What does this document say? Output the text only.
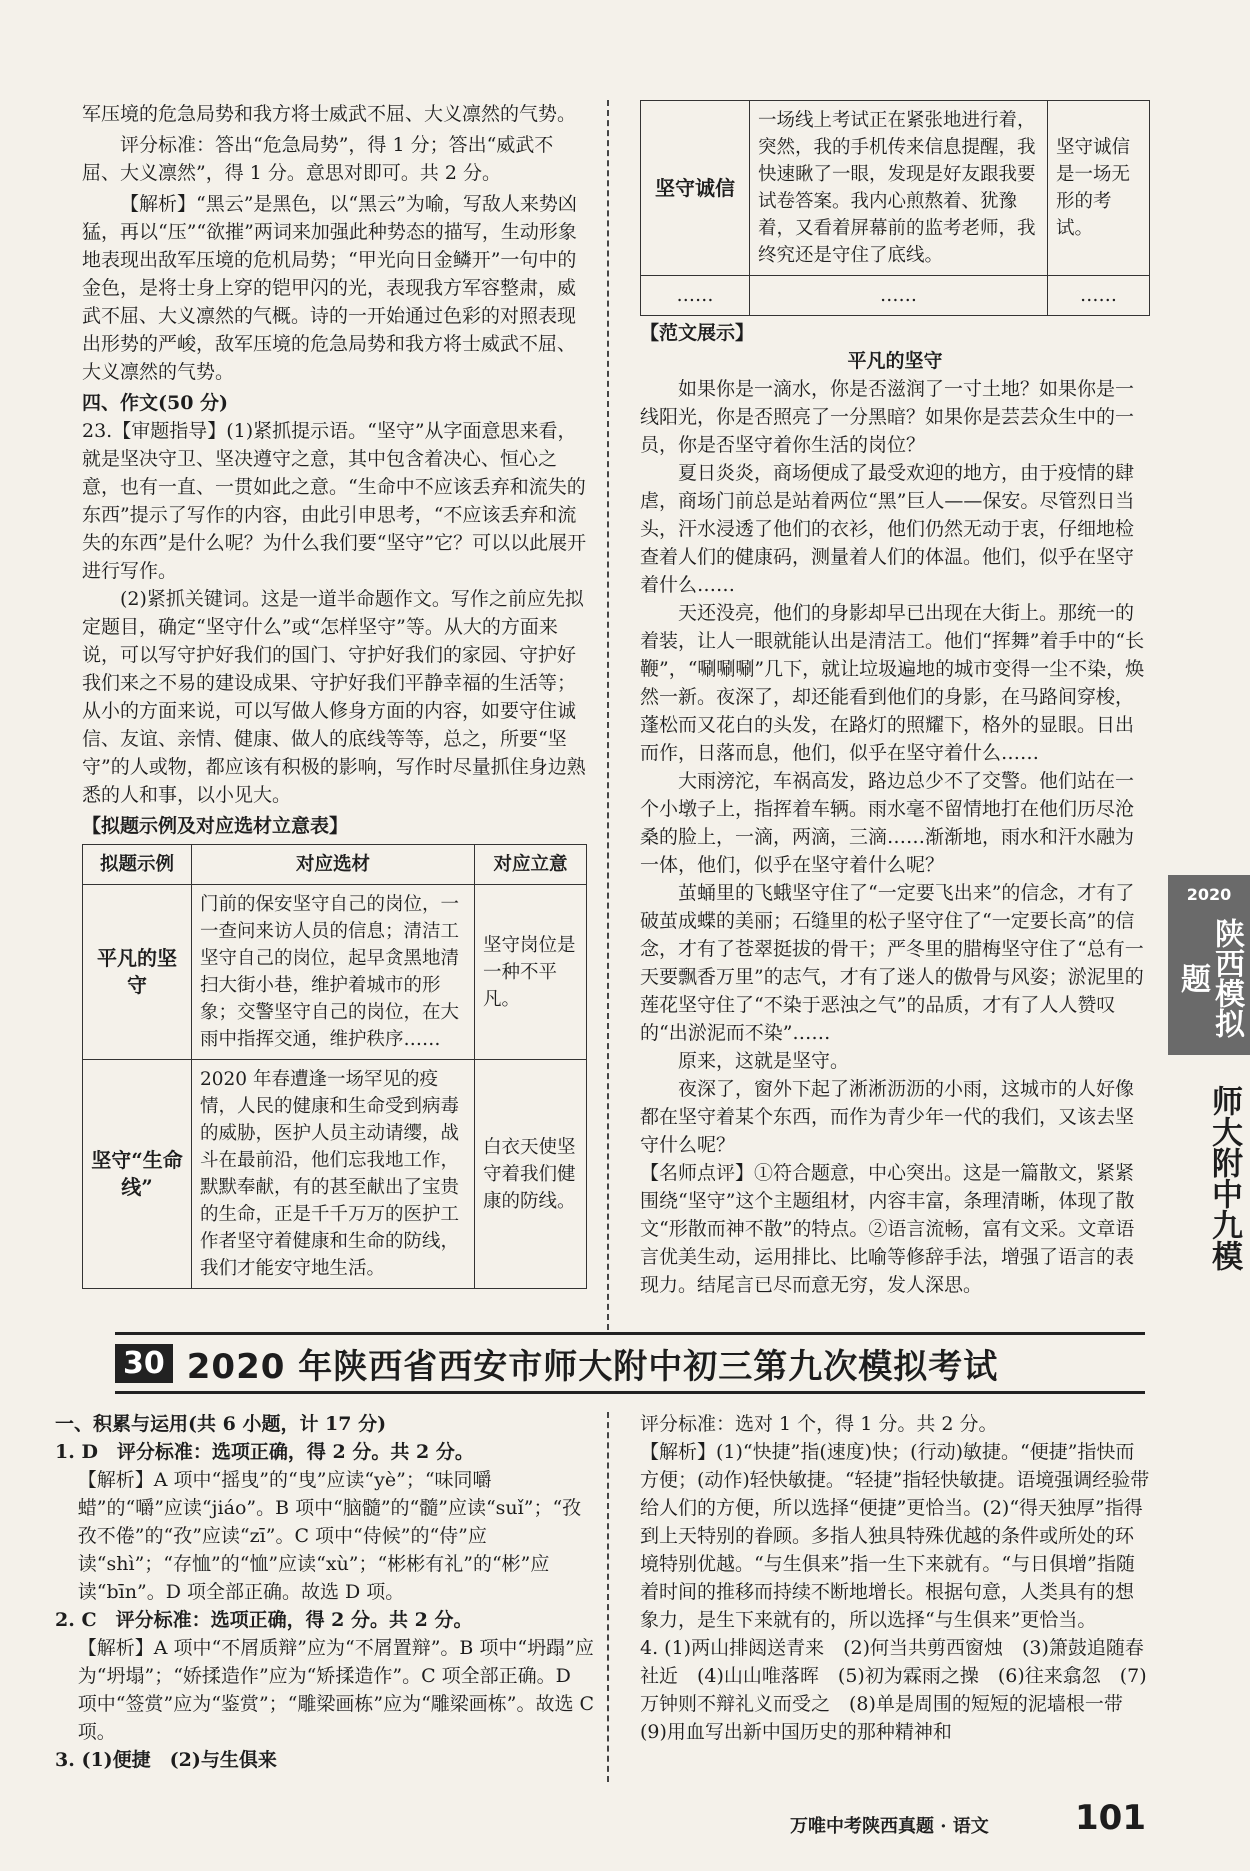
军压境的危急局势和我方将士威武不屈、大义凛然的气势。

评分标准：答出“危急局势”，得 1 分；答出“威武不屈、大义凛然”，得 1 分。意思对即可。共 2 分。

【解析】“黑云”是黑色，以“黑云”为喻，写敌人来势凶猛，再以“压”“欲摧”两词来加强此种势态的描写，生动形象地表现出敌军压境的危机局势；“甲光向日金鳞开”一句中的金色，是将士身上穿的铠甲闪的光，表现我方军容整肃，威武不屈、大义凛然的气概。诗的一开始通过色彩的对照表现出形势的严峻，敌军压境的危急局势和我方将士威武不屈、大义凛然的气势。

四、作文(50 分)

23.【审题指导】(1)紧抓提示语。“坚守”从字面意思来看，就是坚决守卫、坚决遵守之意，其中包含着决心、恒心之意，也有一直、一贯如此之意。“生命中不应该丢弃和流失的东西”提示了写作的内容，由此引申思考，“不应该丢弃和流失的东西”是什么呢？为什么我们要“坚守”它？可以以此展开进行写作。

(2)紧抓关键词。这是一道半命题作文。写作之前应先拟定题目，确定“坚守什么”或“怎样坚守”等。从大的方面来说，可以写守护好我们的国门、守护好我们的家园、守护好我们来之不易的建设成果、守护好我们平静幸福的生活等；从小的方面来说，可以写做人修身方面的内容，如要守住诚信、友谊、亲情、健康、做人的底线等等，总之，所要“坚守”的人或物，都应该有积极的影响，写作时尽量抓住身边熟悉的人和事，以小见大。

【拟题示例及对应选材立意表】

拟题示例	对应选材	对应立意
平凡的坚守	门前的保安坚守自己的岗位，一一查问来访人员的信息；清洁工坚守自己的岗位，起早贪黑地清扫大街小巷，维护着城市的形象；交警坚守自己的岗位，在大雨中指挥交通，维护秩序……	坚守岗位是一种不平凡。
坚守“生命线”	2020 年春遭逢一场罕见的疫情，人民的健康和生命受到病毒的威胁，医护人员主动请缨，战斗在最前沿，他们忘我地工作，默默奉献，有的甚至献出了宝贵的生命，正是千千万万的医护工作者坚守着健康和生命的防线，我们才能安守地生活。	白衣天使坚守着我们健康的防线。
坚守诚信	一场线上考试正在紧张地进行着，突然，我的手机传来信息提醒，我快速瞅了一眼，发现是好友跟我要试卷答案。我内心煎熬着、犹豫着，又看着屏幕前的监考老师，我终究还是守住了底线。	坚守诚信是一场无形的考试。
……	……	……

【范文展示】

平凡的坚守

如果你是一滴水，你是否滋润了一寸土地？如果你是一线阳光，你是否照亮了一分黑暗？如果你是芸芸众生中的一员，你是否坚守着你生活的岗位？

夏日炎炎，商场便成了最受欢迎的地方，由于疫情的肆虐，商场门前总是站着两位“黑”巨人——保安。尽管烈日当头，汗水浸透了他们的衣衫，他们仍然无动于衷，仔细地检查着人们的健康码，测量着人们的体温。他们，似乎在坚守着什么……

天还没亮，他们的身影却早已出现在大街上。那统一的着装，让人一眼就能认出是清洁工。他们“挥舞”着手中的“长鞭”，“唰唰唰”几下，就让垃圾遍地的城市变得一尘不染，焕然一新。夜深了，却还能看到他们的身影，在马路间穿梭，蓬松而又花白的头发，在路灯的照耀下，格外的显眼。日出而作，日落而息，他们，似乎在坚守着什么……

大雨滂沱，车祸高发，路边总少不了交警。他们站在一个小墩子上，指挥着车辆。雨水毫不留情地打在他们历尽沧桑的脸上，一滴，两滴，三滴……渐渐地，雨水和汗水融为一体，他们，似乎在坚守着什么呢？

茧蛹里的飞蛾坚守住了“一定要飞出来”的信念，才有了破茧成蝶的美丽；石缝里的松子坚守住了“一定要长高”的信念，才有了苍翠挺拔的骨干；严冬里的腊梅坚守住了“总有一天要飘香万里”的志气，才有了迷人的傲骨与风姿；淤泥里的莲花坚守住了“不染于恶浊之气”的品质，才有了人人赞叹的“出淤泥而不染”……

原来，这就是坚守。

夜深了，窗外下起了淅淅沥沥的小雨，这城市的人好像都在坚守着某个东西，而作为青少年一代的我们，又该去坚守什么呢？

【名师点评】①符合题意，中心突出。这是一篇散文，紧紧围绕“坚守”这个主题组材，内容丰富，条理清晰，体现了散文“形散而神不散”的特点。②语言流畅，富有文采。文章语言优美生动，运用排比、比喻等修辞手法，增强了语言的表现力。结尾言已尽而意无穷，发人深思。

2020
陕西模拟题
师大附中九模
30 2020 年陕西省西安市师大附中初三第九次模拟考试

一、积累与运用(共 6 小题，计 17 分)

1. D　评分标准：选项正确，得 2 分。共 2 分。

【解析】A 项中“摇曳”的“曳”应读“yè”；“味同嚼蜡”的“嚼”应读“jiáo”。B 项中“脑髓”的“髓”应读“suǐ”；“孜孜不倦”的“孜”应读“zī”。C 项中“侍候”的“侍”应读“shì”；“存恤”的“恤”应读“xù”；“彬彬有礼”的“彬”应读“bīn”。D 项全部正确。故选 D 项。

2. C　评分标准：选项正确，得 2 分。共 2 分。

【解析】A 项中“不屑质辩”应为“不屑置辩”。B 项中“坍蹋”应为“坍塌”；“娇揉造作”应为“矫揉造作”。C 项全部正确。D 项中“签赏”应为“鉴赏”；“雕梁画栋”应为“雕梁画栋”。故选 C 项。

3. (1)便捷　(2)与生俱来

评分标准：选对 1 个，得 1 分。共 2 分。

【解析】(1)“快捷”指(速度)快；(行动)敏捷。“便捷”指快而方便；(动作)轻快敏捷。“轻捷”指轻快敏捷。语境强调经验带给人们的方便，所以选择“便捷”更恰当。(2)“得天独厚”指得到上天特别的眷顾。多指人独具特殊优越的条件或所处的环境特别优越。“与生俱来”指一生下来就有。“与日俱增”指随着时间的推移而持续不断地增长。根据句意，人类具有的想象力，是生下来就有的，所以选择“与生俱来”更恰当。

4. (1)两山排闼送青来　(2)何当共剪西窗烛　(3)箫鼓追随春社近　(4)山山唯落晖　(5)初为霖雨之操　(6)往来翕忽　(7)万钟则不辩礼义而受之　(8)单是周围的短短的泥墙根一带　(9)用血写出新中国历史的那种精神和

万唯中考陕西真题 · 语文	101
